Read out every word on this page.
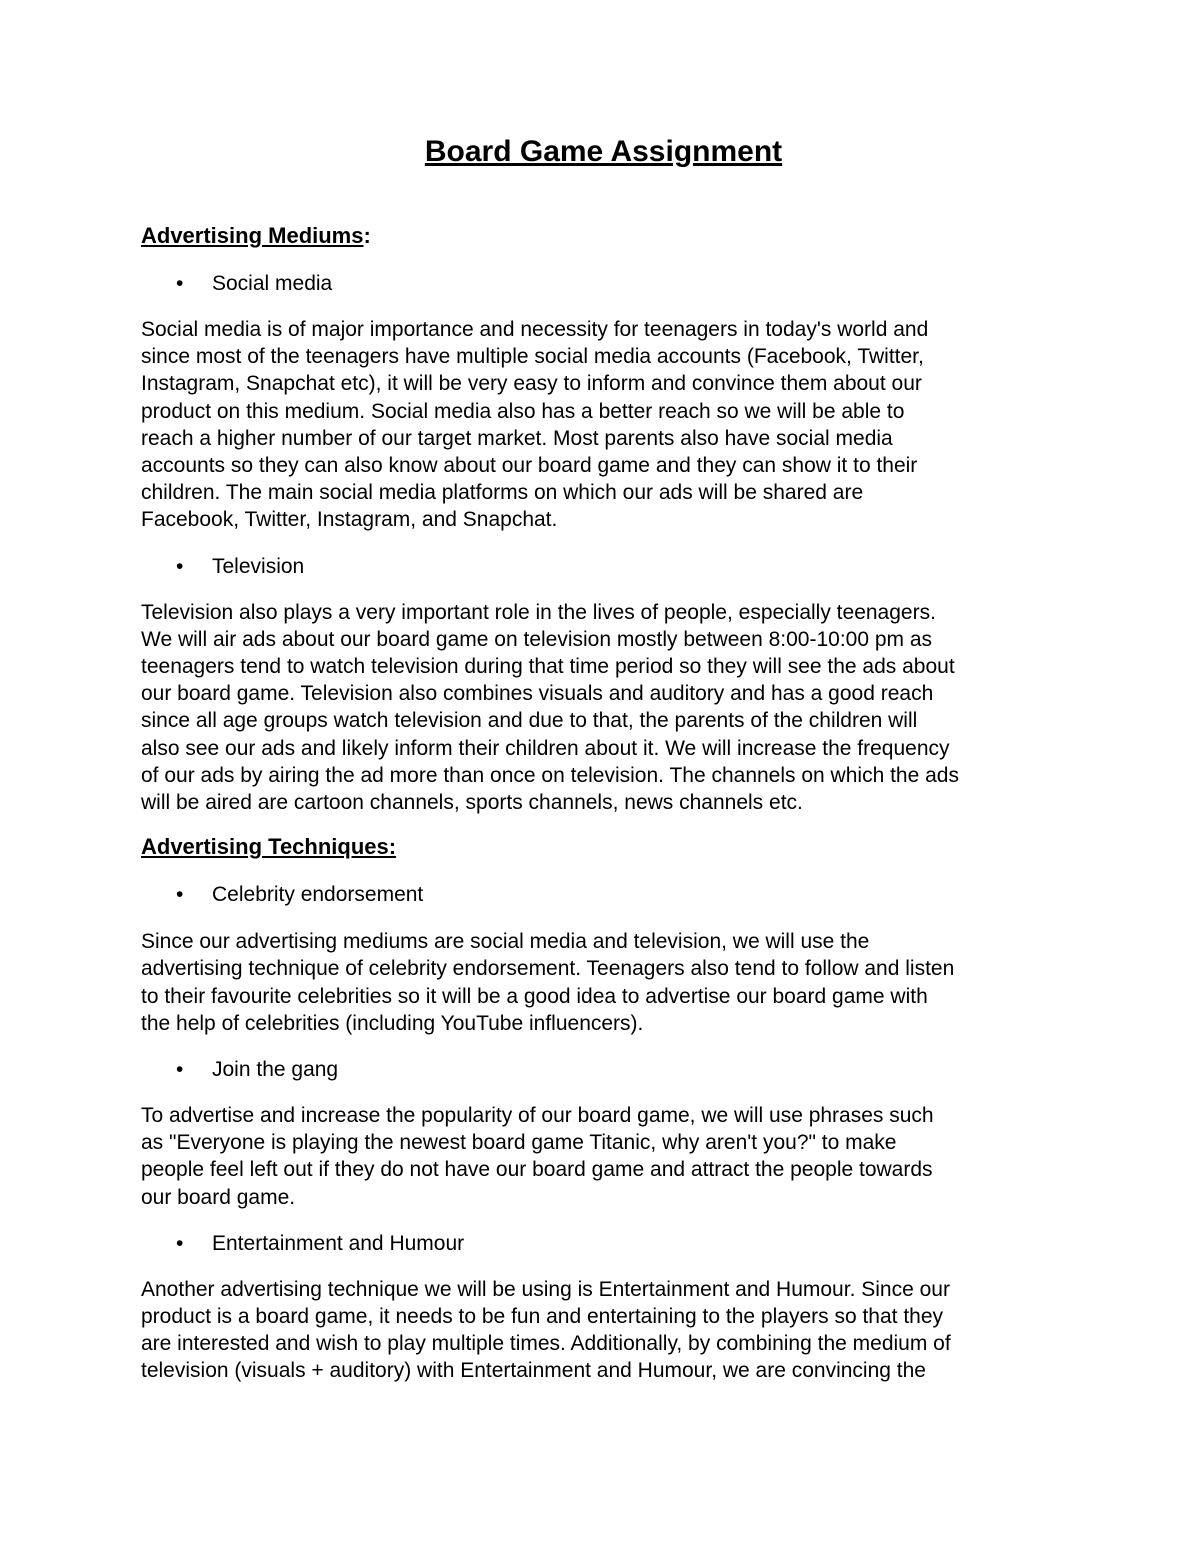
Board Game Assignment
Advertising Mediums:

• Social media

Social media is of major importance and necessity for teenagers in today's world and
since most of the teenagers have multiple social media accounts (Facebook, Twitter,
Instagram, Snapchat etc), it will be very easy to inform and convince them about our
product on this medium. Social media also has a better reach so we will be able to
reach a higher number of our target market. Most parents also have social media
accounts so they can also know about our board game and they can show it to their
children. The main social media platforms on which our ads will be shared are
Facebook, Twitter, Instagram, and Snapchat.

• Television

Television also plays a very important role in the lives of people, especially teenagers.
We will air ads about our board game on television mostly between 8:00-10:00 pm as
teenagers tend to watch television during that time period so they will see the ads about
our board game. Television also combines visuals and auditory and has a good reach
since all age groups watch television and due to that, the parents of the children will
also see our ads and likely inform their children about it. We will increase the frequency
of our ads by airing the ad more than once on television. The channels on which the ads
will be aired are cartoon channels, sports channels, news channels etc.

Advertising Techniques:

• Celebrity endorsement

Since our advertising mediums are social media and television, we will use the
advertising technique of celebrity endorsement. Teenagers also tend to follow and listen
to their favourite celebrities so it will be a good idea to advertise our board game with
the help of celebrities (including YouTube influencers).

• Join the gang

To advertise and increase the popularity of our board game, we will use phrases such
as "Everyone is playing the newest board game Titanic, why aren't you?" to make
people feel left out if they do not have our board game and attract the people towards
our board game.

• Entertainment and Humour

Another advertising technique we will be using is Entertainment and Humour. Since our
product is a board game, it needs to be fun and entertaining to the players so that they
are interested and wish to play multiple times. Additionally, by combining the medium of
television (visuals + auditory) with Entertainment and Humour, we are convincing the
